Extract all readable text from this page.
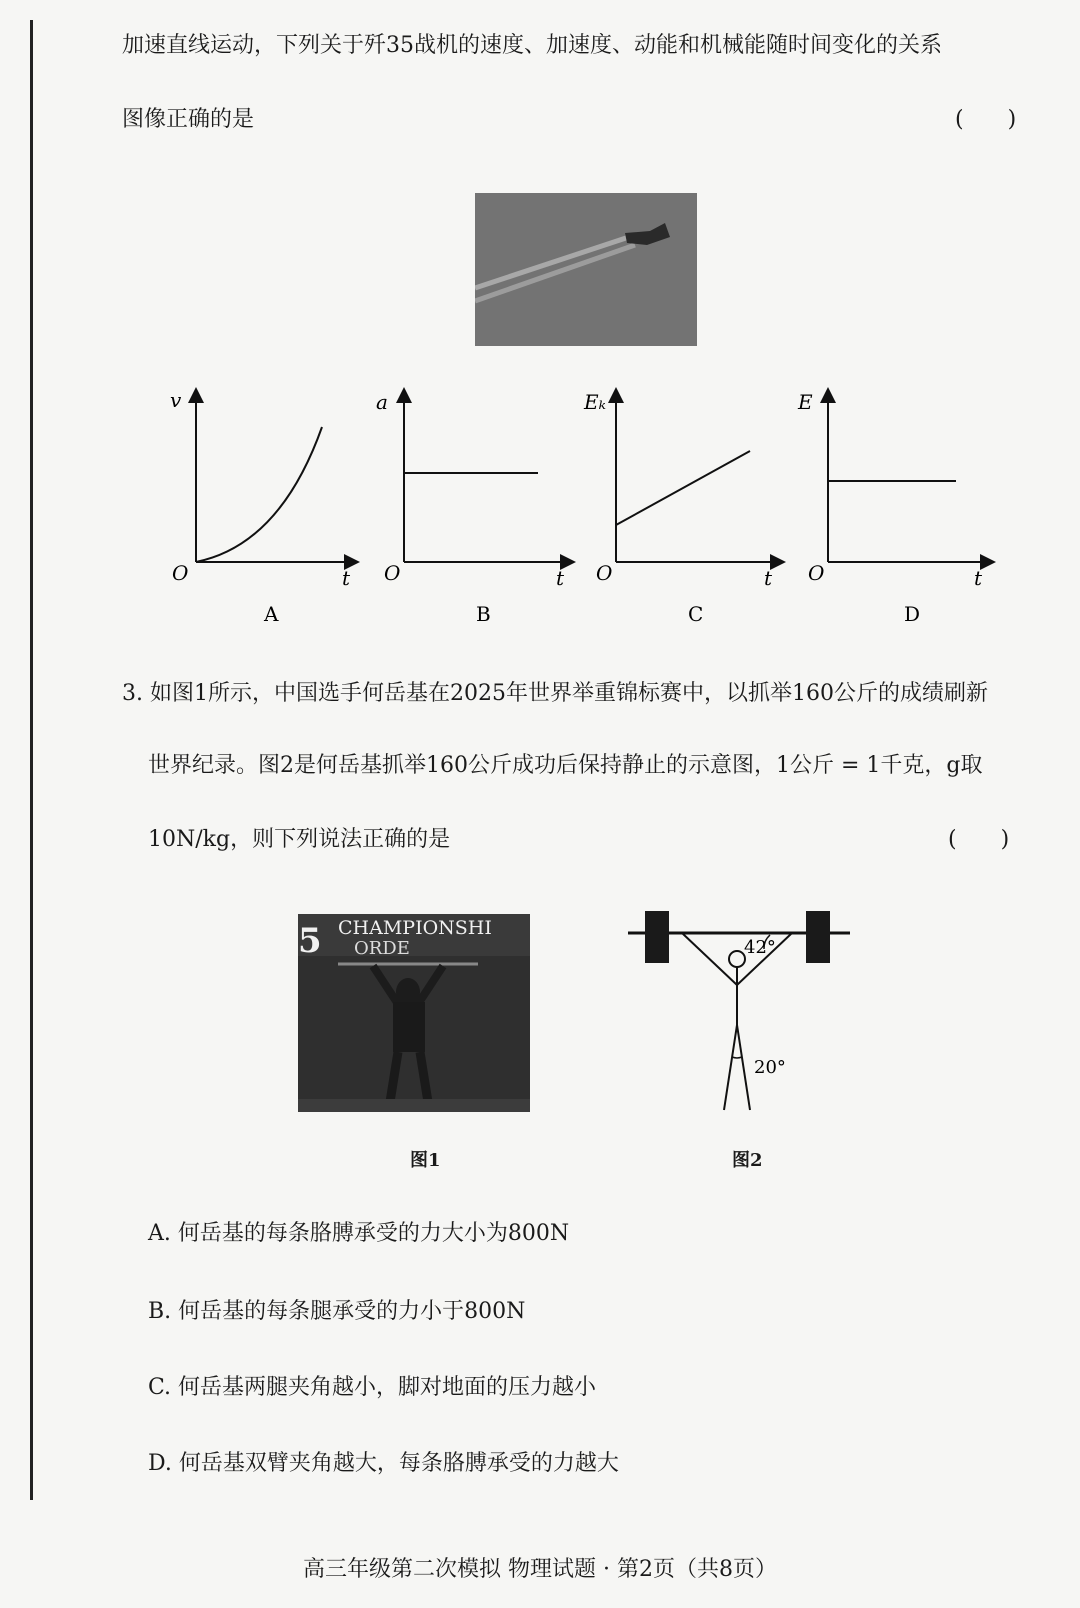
加速直线运动，下列关于歼35战机的速度、加速度、动能和机械能随时间变化的关系
图像正确的是	(　　)
v
O	t
A
a
O	t
B
Eₖ
O	t
C
E
O	t
D
3. 如图1所示，中国选手何岳基在2025年世界举重锦标赛中，以抓举160公斤的成绩刷新
世界纪录。图2是何岳基抓举160公斤成功后保持静止的示意图，1公斤 = 1千克，g取
10N/kg，则下列说法正确的是	(　　)
CHAMPIONSHI
ORDE
5
图1
42°
20°
图2
A. 何岳基的每条胳膊承受的力大小为800N
B. 何岳基的每条腿承受的力小于800N
C. 何岳基两腿夹角越小，脚对地面的压力越小
D. 何岳基双臂夹角越大，每条胳膊承受的力越大
高三年级第二次模拟 物理试题 · 第2页（共8页）
